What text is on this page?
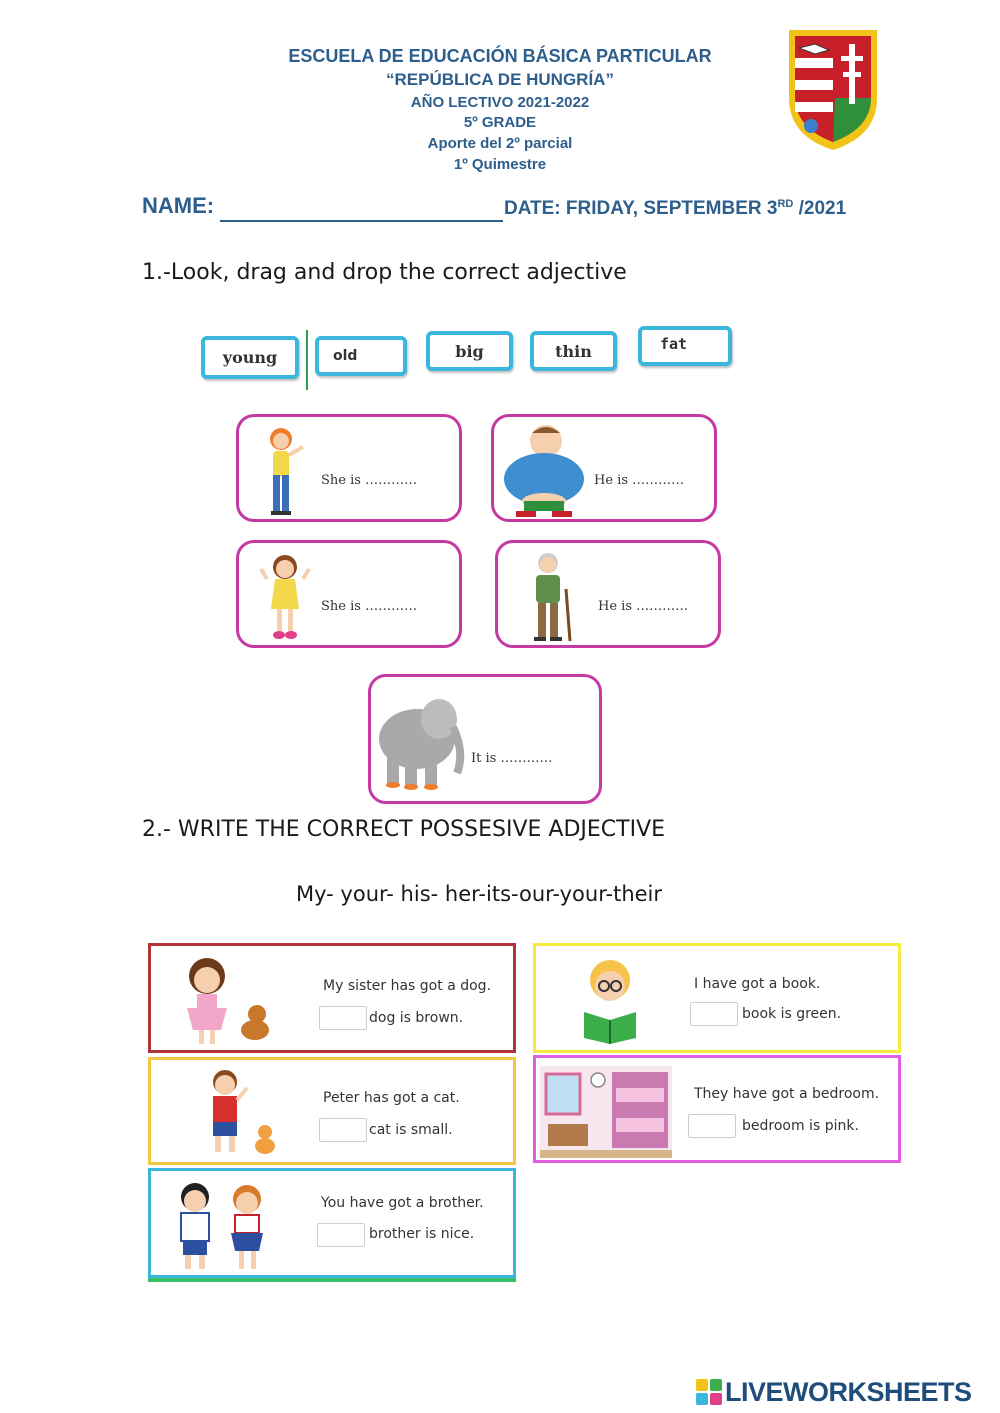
ESCUELA DE EDUCACIÓN BÁSICA PARTICULAR
“REPÚBLICA DE HUNGRÍA”
AÑO LECTIVO 2021-2022
5º GRADE
Aporte del 2º parcial
1º Quimestre
NAME:	DATE: FRIDAY, SEPTEMBER 3RD /2021
1.-Look, drag and drop the correct adjective
young	old	big	thin	fat
She is …………	He is …………
She is …………	He is …………
It is …………
2.- WRITE THE CORRECT POSSESIVE ADJECTIVE
My- your- his- her-its-our-your-their
My sister has got a dog.
dog is brown.
Peter has got a cat.
cat is small.
You have got a brother.
brother is nice.
I have got a book.
book is green.
They have got a bedroom.
bedroom is pink.
LIVEWORKSHEETS
